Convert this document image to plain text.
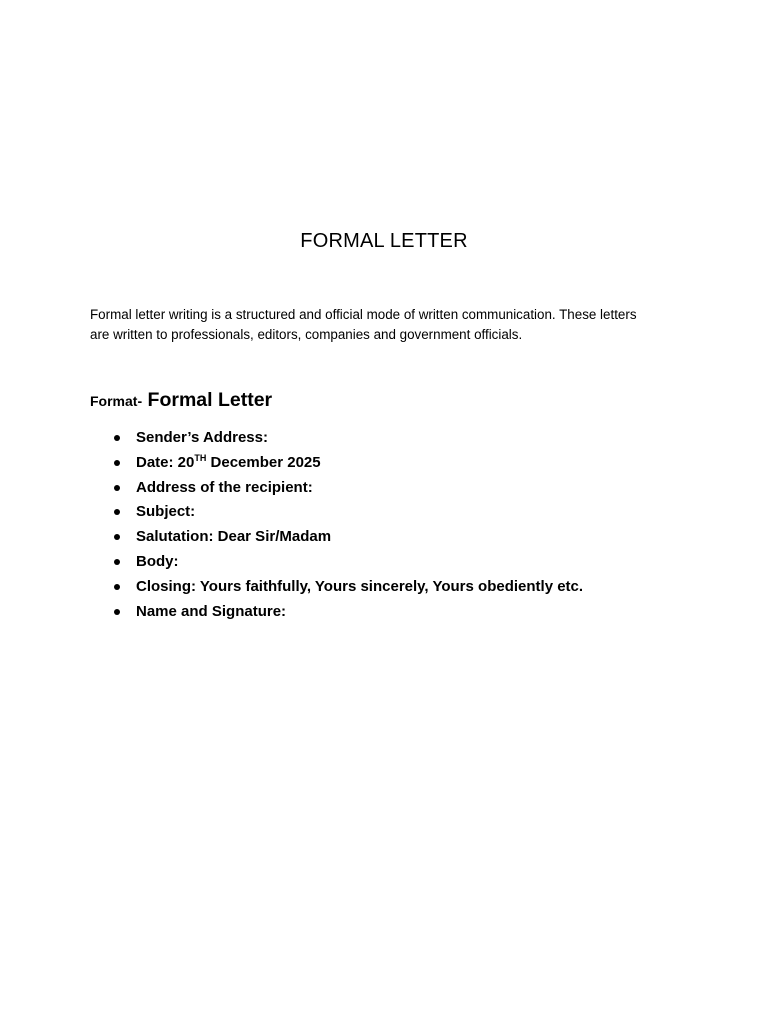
FORMAL LETTER

Formal letter writing is a structured and official mode of written communication. These letters
are written to professionals, editors, companies and government officials.

Format- Formal Letter
Sender’s Address:
Date: 20TH December 2025
Address of the recipient:
Subject:
Salutation: Dear Sir/Madam
Body:
Closing: Yours faithfully, Yours sincerely, Yours obediently etc.
Name and Signature:
